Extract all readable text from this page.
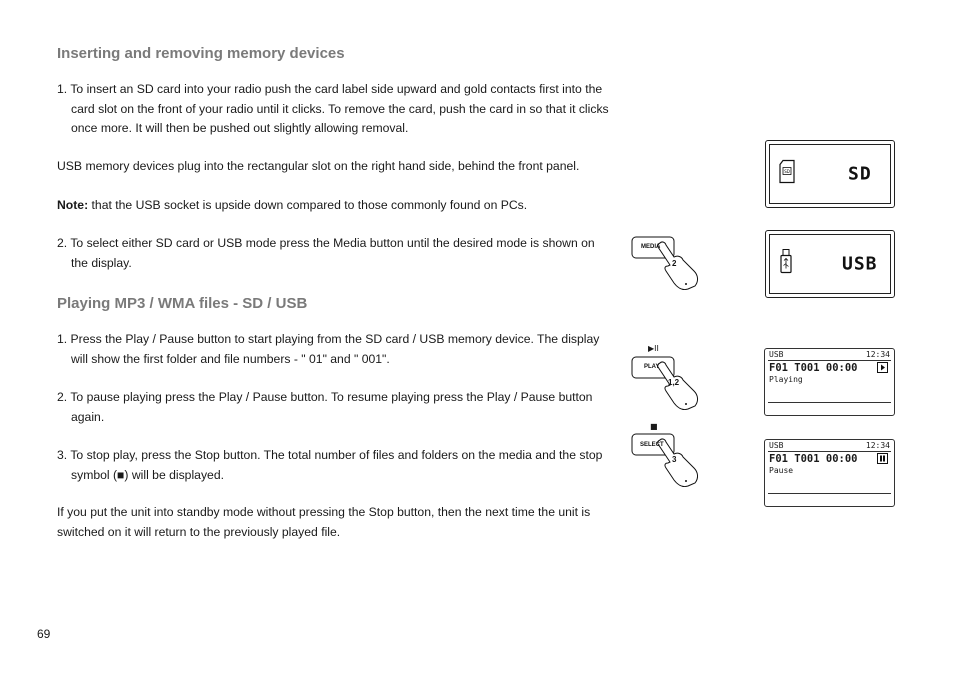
Inserting and removing memory devices

1. To insert an SD card into your radio push the card label side upward and gold contacts first into the card slot on the front of your radio until it clicks. To remove the card, push the card in so that it clicks once more. It will then be pushed out slightly allowing removal.

USB memory devices plug into the rectangular slot on the right hand side, behind the front panel.

Note: that the USB socket is upside down compared to those commonly found on PCs.

2. To select either SD card or USB mode press the Media button until the desired mode is shown on the display.

Playing MP3 / WMA files - SD / USB

1. Press the Play / Pause button to start playing from the SD card / USB memory device. The display will show the first folder and file numbers - " 01" and " 001".

2. To pause playing press the Play / Pause button. To resume playing press the Play / Pause button again.

3. To stop play, press the Stop button. The total number of files and folders on the media and the stop symbol (■) will be displayed.

If you put the unit into standby mode without pressing the Stop button, then the next time the unit is switched on it will return to the previously played file.

69
SD	SD
USB
USB	12:34
F01 T001 00:00
Playing
USB	12:34
F01 T001 00:00
Pause
MEDIA
2
▶II
PLAY
1,2
■
SELECT
3
